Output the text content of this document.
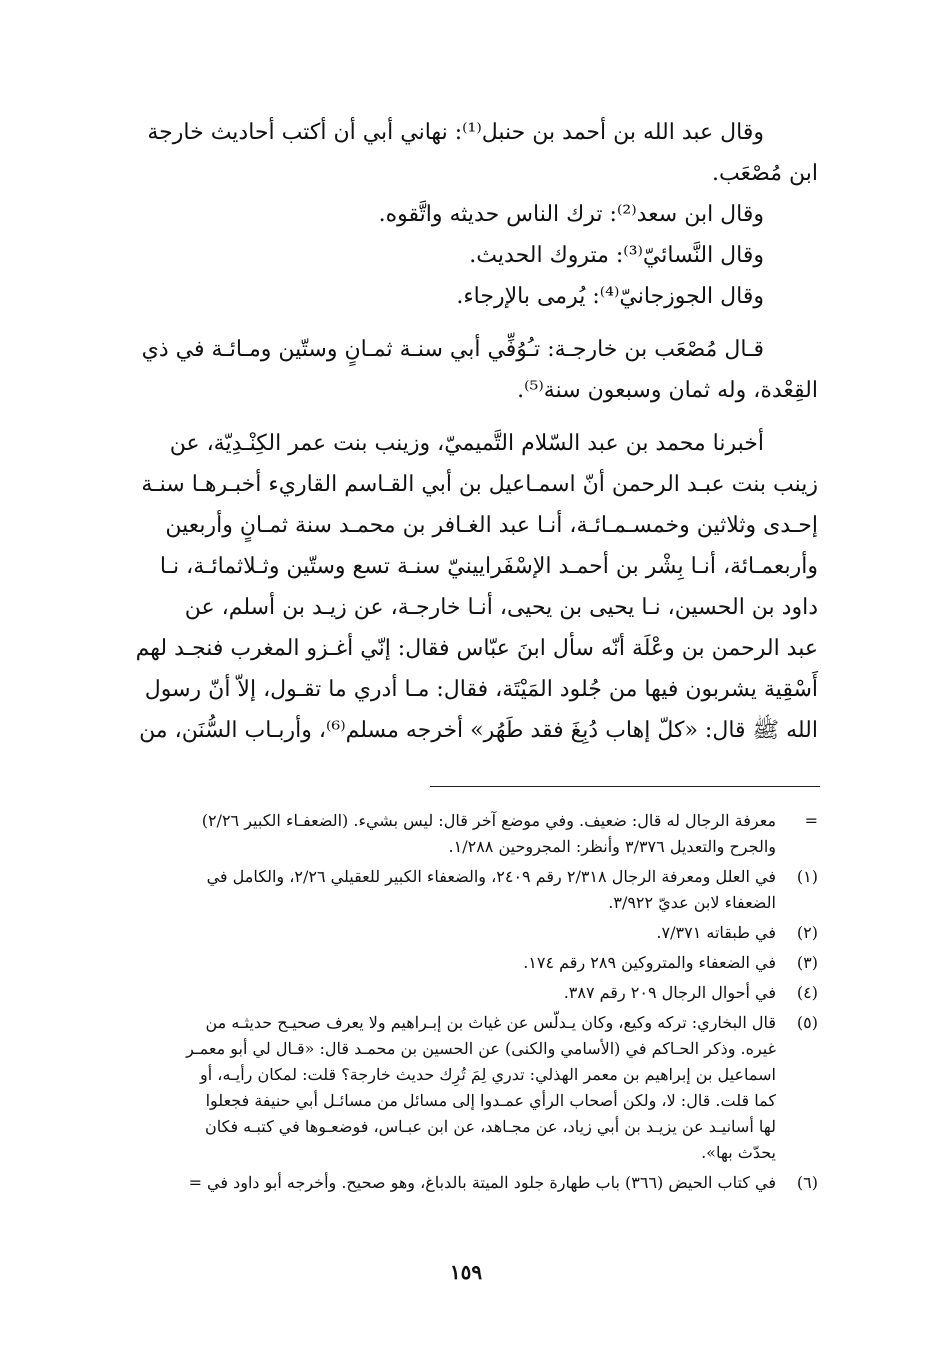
وقال عبد الله بن أحمد بن حنبل⁽¹⁾: نهاني أبي أن أكتب أحاديث خارجة
ابن مُصْعَب.

وقال ابن سعد⁽²⁾: ترك الناس حديثه واتَّقوه.

وقال النَّسائيّ⁽³⁾: متروك الحديث.

وقال الجوزجانيّ⁽⁴⁾: يُرمى بالإرجاء.

قـال مُصْعَب بن خارجـة: تـُوُفِّي أبي سنـة ثمـانٍ وستّين ومـائـة في ذي
القِعْدة، وله ثمان وسبعون سنة⁽⁵⁾.

أخبرنا محمد بن عبد السّلام التَّميميّ، وزينب بنت عمر الكِنْـدِيّة، عن
زينب بنت عبـد الرحمن أنّ اسمـاعيل بن أبي القـاسم القاريء أخبـرهـا سنـة
إحـدى وثلاثين وخمسـمـائـة، أنـا عبد الغـافر بن محمـد سنة ثمـانٍ وأربعين
وأربعمـائة، أنـا بِشْر بن أحمـد الإسْفَرايينيّ سنـة تسع وستّين وثـلاثمائـة، نـا
داود بن الحسين، نـا يحيى بن يحيى، أنـا خارجـة، عن زيـد بن أسلم، عن
عبد الرحمن بن وعْلَة أنّه سأل ابنَ عبّاس فقال: إنّي أغـزو المغرب فنجـد لهم
أَسْقِية يشربون فيها من جُلود المَيْتَة، فقال: مـا أدري ما تقـول، إلاّ أنّ رسول
الله ﷺ قال: «كلّ إهاب دُبِغَ فقد طَهُر» أخرجه مسلم⁽⁶⁾، وأربـاب السُّنَن، من

=
معرفة الرجال له قال: ضعيف. وفي موضع آخر قال: ليس بشيء. (الضعفـاء الكبير ٢/٢٦)
والجرح والتعديل ٣/٣٧٦ وأنظر: المجروحين ١/٢٨٨.
(١)
في العلل ومعرفة الرجال ٢/٣١٨ رقم ٢٤٠٩، والضعفاء الكبير للعقيلي ٢/٢٦، والكامل في
الضعفاء لابن عديّ ٣/٩٢٢.
(٢)
في طبقاته ٧/٣٧١.
(٣)
في الضعفاء والمتروكين ٢٨٩ رقم ١٧٤.
(٤)
في أحوال الرجال ٢٠٩ رقم ٣٨٧.
(٥)
قال البخاري: تركه وكيع، وكان يـدلّس عن غياث بن إبـراهيم ولا يعرف صحيـح حديثـه من
غيره. وذكر الحـاكم في (الأسامي والكنى) عن الحسين بن محمـد قال: «قـال لي أبو معمـر
اسماعيل بن إبراهيم بن معمر الهذلي: تدري لِمَ تُرِك حديث خارجة؟ قلت: لمكان رأيـه، أو
كما قلت. قال: لا، ولكن أصحاب الرأي عمـدوا إلى مسائل من مسائـل أبي حنيفة فجعلوا
لها أسانيـد عن يزيـد بن أبي زياد، عن مجـاهد، عن ابن عبـاس، فوضعـوها في كتبـه فكان
يحدّث بها».
(٦)
في كتاب الحيض (٣٦٦) باب طهارة جلود الميتة بالدباغ، وهو صحيح. وأخرجه أبو داود في =
١٥٩
